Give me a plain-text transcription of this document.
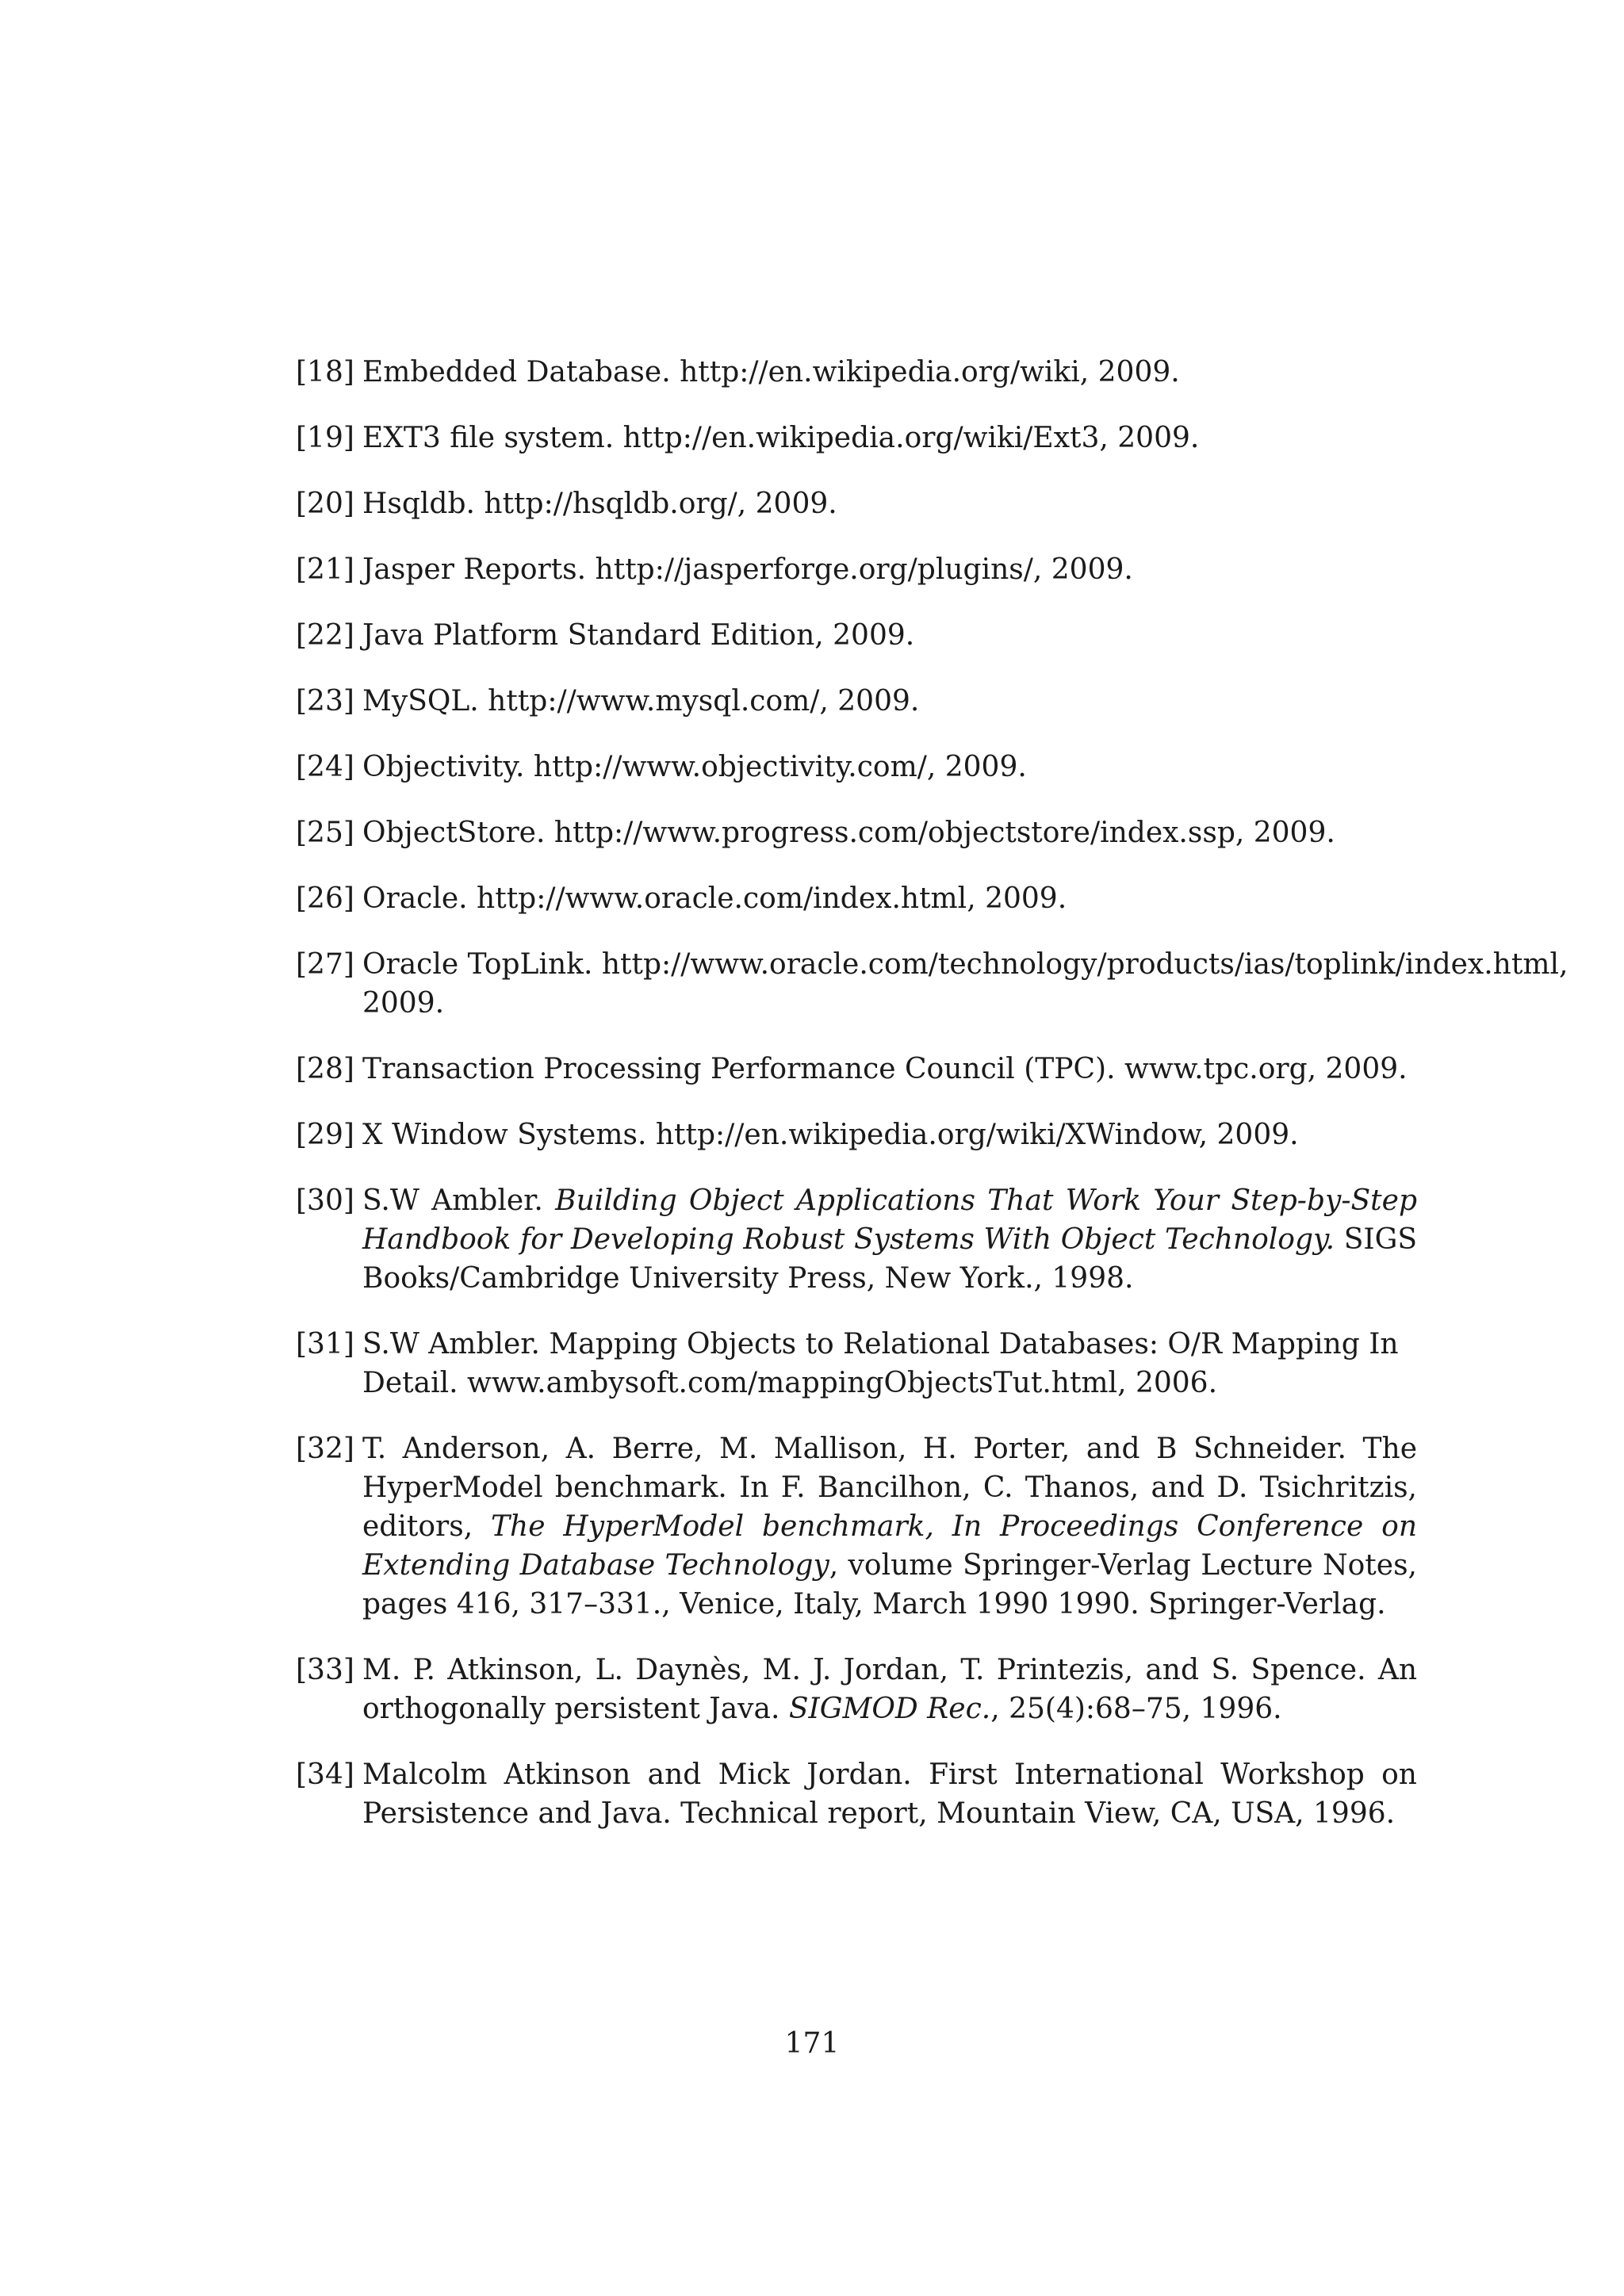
[18] Embedded Database. http://en.wikipedia.org/wiki, 2009.
[19] EXT3 file system. http://en.wikipedia.org/wiki/Ext3, 2009.
[20] Hsqldb. http://hsqldb.org/, 2009.
[21] Jasper Reports. http://jasperforge.org/plugins/, 2009.
[22] Java Platform Standard Edition, 2009.
[23] MySQL. http://www.mysql.com/, 2009.
[24] Objectivity. http://www.objectivity.com/, 2009.
[25] ObjectStore. http://www.progress.com/objectstore/index.ssp, 2009.
[26] Oracle. http://www.oracle.com/index.html, 2009.
[27] Oracle TopLink. http://www.oracle.com/technology/products/ias/toplink/index.html, 2009.
[28] Transaction Processing Performance Council (TPC). www.tpc.org, 2009.
[29] X Window Systems. http://en.wikipedia.org/wiki/XWindow, 2009.
[30] S.W Ambler. Building Object Applications That Work Your Step-by-Step Handbook for Developing Robust Systems With Object Technology. SIGS Books/Cambridge University Press, New York., 1998.
[31] S.W Ambler. Mapping Objects to Relational Databases: O/R Mapping In Detail. www.ambysoft.com/mappingObjectsTut.html, 2006.
[32] T. Anderson, A. Berre, M. Mallison, H. Porter, and B Schneider. The HyperModel benchmark. In F. Bancilhon, C. Thanos, and D. Tsichritzis, editors, The HyperModel benchmark, In Proceedings Conference on Extending Database Technology, volume Springer-Verlag Lecture Notes, pages 416, 317–331., Venice, Italy, March 1990 1990. Springer-Verlag.
[33] M. P. Atkinson, L. Daynès, M. J. Jordan, T. Printezis, and S. Spence. An orthogonally persistent Java. SIGMOD Rec., 25(4):68–75, 1996.
[34] Malcolm Atkinson and Mick Jordan. First International Workshop on Persistence and Java. Technical report, Mountain View, CA, USA, 1996.
171
